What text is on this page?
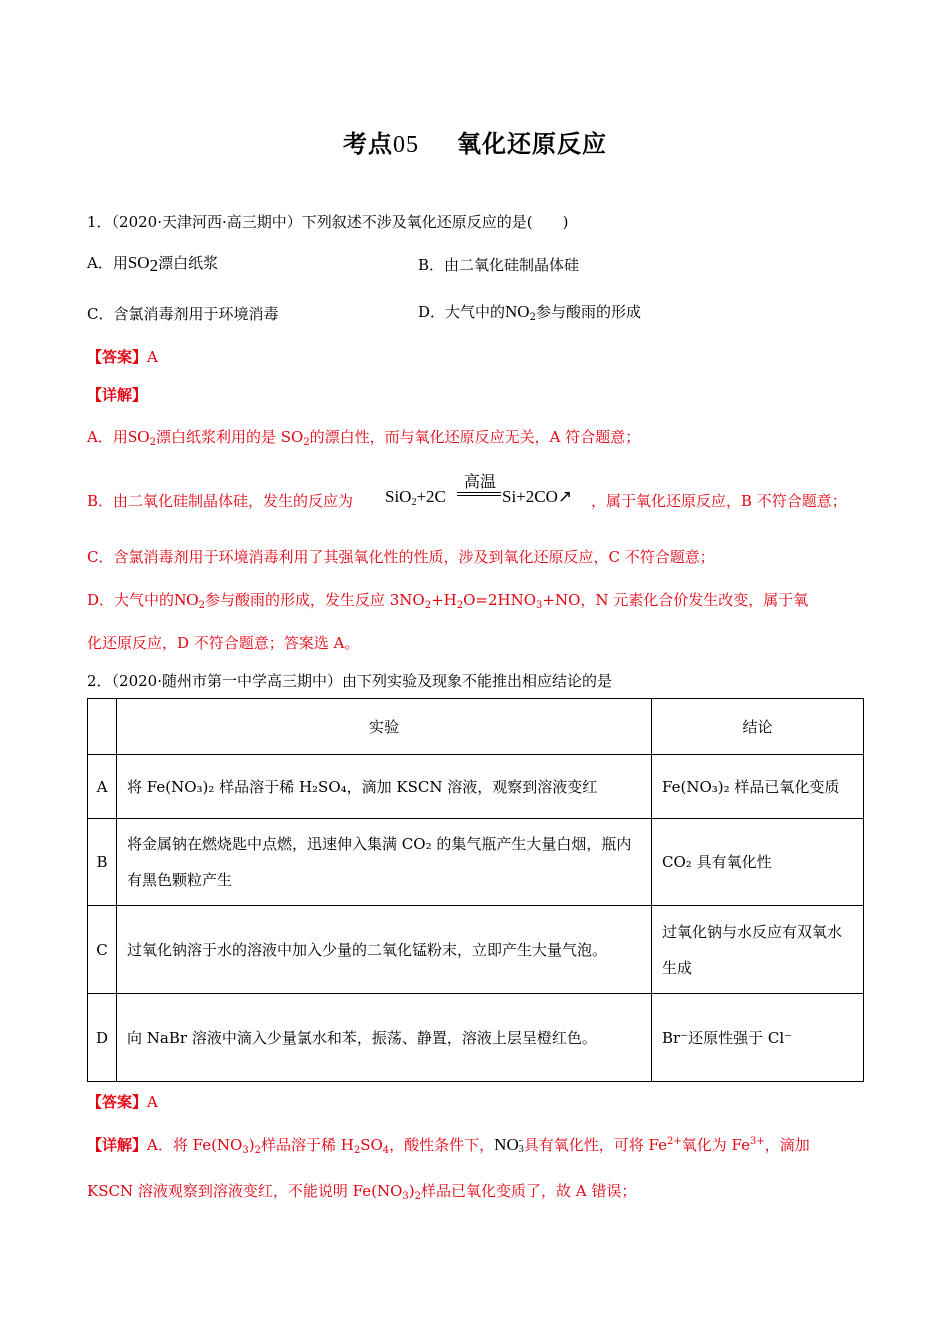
考点05 氧化还原反应
1．（2020·天津河西·高三期中）下列叙述不涉及氧化还原反应的是(　　)
A．用$SO_2$漂白纸浆	B．由二氧化硅制晶体硅
C．含氯消毒剂用于环境消毒	D．大气中的$NO_2$参与酸雨的形成
【答案】A
【详解】
A．用$SO_2$漂白纸浆利用的是 $SO_2$的漂白性，而与氧化还原反应无关，A 符合题意；
B．由二氧化硅制晶体硅，发生的反应为
高温
SiO$_2$+2C	Si+2CO↗ ，属于氧化还原反应，B 不符合题意；
C．含氯消毒剂用于环境消毒利用了其强氧化性的性质，涉及到氧化还原反应，C 不符合题意；
D．大气中的$NO_2$参与酸雨的形成，发生反应 $3NO_2+H_2O=2HNO_3+NO$，N 元素化合价发生改变，属于氧
化还原反应，D 不符合题意；答案选 A。
2．（2020·随州市第一中学高三期中）由下列实验及现象不能推出相应结论的是
	实验	结论
A	将 Fe(NO₃)₂ 样品溶于稀 H₂SO₄，滴加 KSCN 溶液，观察到溶液变红	Fe(NO₃)₂ 样品已氧化变质
B	将金属钠在燃烧匙中点燃，迅速伸入集满 CO₂ 的集气瓶产生大量白烟，瓶内有黑色颗粒产生	CO₂ 具有氧化性
C	过氧化钠溶于水的溶液中加入少量的二氧化锰粉末，立即产生大量气泡。	过氧化钠与水反应有双氧水生成
D	向 NaBr 溶液中滴入少量氯水和苯，振荡、静置，溶液上层呈橙红色。	Br⁻还原性强于 Cl⁻
【答案】A
【详解】A．将 $Fe(NO_3)_2$样品溶于稀 $H_2SO_4$，酸性条件下，NO -
3 具有氧化性，可将 $Fe^{2+}$氧化为 $Fe^{3+}$，滴加
KSCN 溶液观察到溶液变红，不能说明 $Fe(NO_3)_2$样品已氧化变质了，故 A 错误；
